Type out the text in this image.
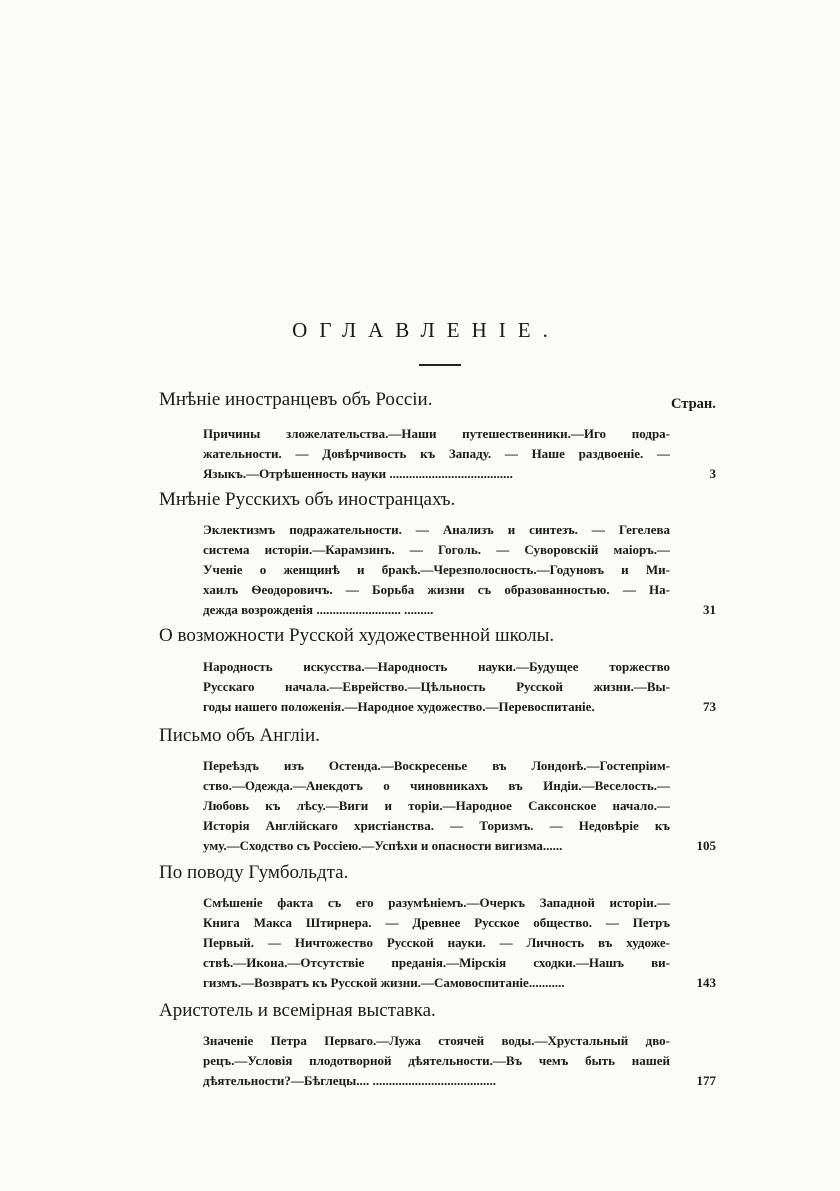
ОГЛАВЛЕНІЕ.
Стран.
Мнѣніе иностранцевъ объ Россіи.
Причины зложелательства.—Наши путешественники.—Иго подра-
жательности. — Довѣрчивость къ Западу. — Наше раздвоеніе. —
Языкъ.—Отрѣшенность науки ......................................	3
Мнѣніе Русскихъ объ иностранцахъ.
Эклектизмъ подражательности. — Анализъ и синтезъ. — Гегелева
система исторіи.—Карамзинъ. — Гоголь. — Суворовскій маіоръ.—
Ученіе о женщинѣ и бракѣ.—Черезполосность.—Годуновъ и Ми-
хаилъ Ѳеодоровичъ. — Борьба жизни съ образованностью. — На-
дежда возрожденія .......................... .........	31
О возможности Русской художественной школы.
Народность искусства.—Народность науки.—Будущее торжество
Русскаго начала.—Еврейство.—Цѣльность Русской жизни.—Вы-
годы нашего положенія.—Народное художество.—Перевоспитаніе.	73
Письмо объ Англіи.
Переѣздъ изъ Остенда.—Воскресенье въ Лондонѣ.—Гостепріим-
ство.—Одежда.—Анекдотъ о чиновникахъ въ Индіи.—Веселость.—
Любовь къ лѣсу.—Виги и торіи.—Народное Саксонское начало.—
Исторія Англійскаго христіанства. — Торизмъ. — Недовѣріе къ
уму.—Сходство съ Россіею.—Успѣхи и опасности вигизма......	105
По поводу Гумбольдта.
Смѣшеніе факта съ его разумѣніемъ.—Очеркъ Западной исторіи.—
Книга Макса Штирнера. — Древнее Русское общество. — Петръ
Первый. — Ничтожество Русской науки. — Личность въ художе-
ствѣ.—Икона.—Отсутствіе преданія.—Мірскія сходки.—Нашъ ви-
гизмъ.—Возвратъ къ Русской жизни.—Самовоспитаніе...........	143
Аристотель и всемірная выставка.
Значеніе Петра Перваго.—Лужа стоячей воды.—Хрустальный дво-
рецъ.—Условія плодотворной дѣятельности.—Въ чемъ быть нашей
дѣятельности?—Бѣглецы.... ......................................	177
